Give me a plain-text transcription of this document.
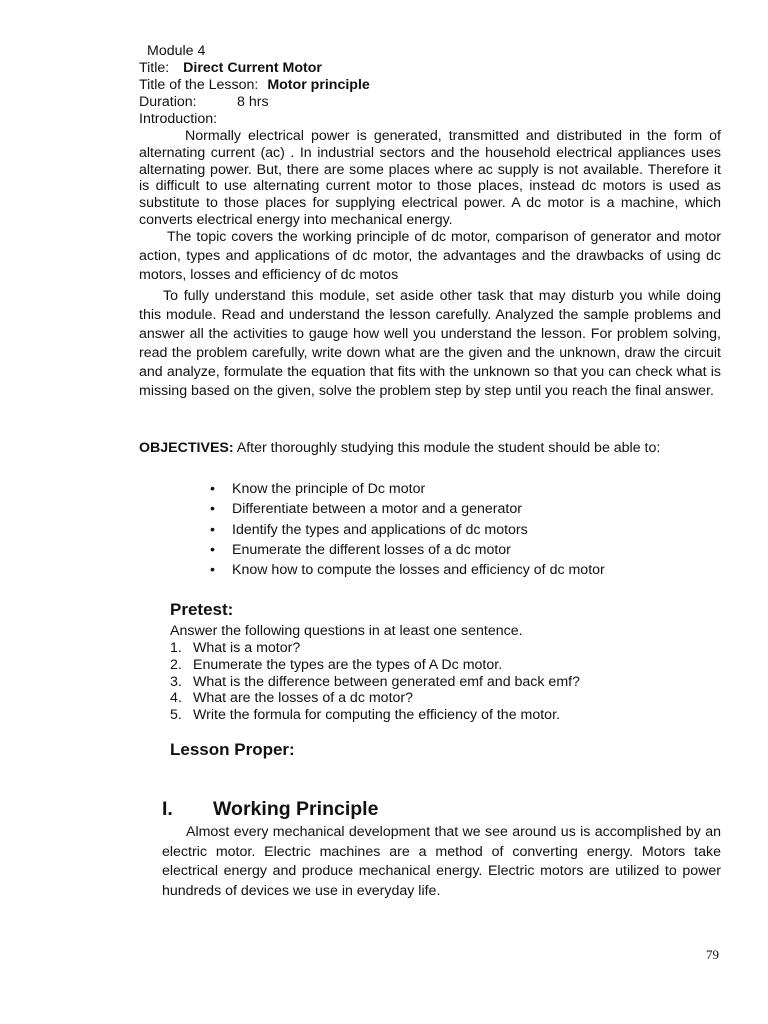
Module 4
Title: Direct Current Motor
Title of the Lesson: Motor principle
Duration:	8 hrs
Introduction:
Normally electrical power is generated, transmitted and distributed in the form of alternating current (ac) . In industrial sectors and the household electrical appliances uses alternating power. But, there are some places where ac supply is not available. Therefore it is difficult to use alternating current motor to those places, instead dc motors is used as substitute to those places for supplying electrical power. A dc motor is a machine, which converts electrical energy into mechanical energy.
The topic covers the working principle of dc motor, comparison of generator and motor action, types and applications of dc motor, the advantages and the drawbacks of using dc motors, losses and efficiency of dc motos
To fully understand this module, set aside other task that may disturb you while doing this module. Read and understand the lesson carefully. Analyzed the sample problems and answer all the activities to gauge how well you understand the lesson. For problem solving, read the problem carefully, write down what are the given and the unknown, draw the circuit and analyze, formulate the equation that fits with the unknown so that you can check what is missing based on the given, solve the problem step by step until you reach the final answer.
OBJECTIVES: After thoroughly studying this module the student should be able to:
• Know the principle of Dc motor
• Differentiate between a motor and a generator
• Identify the types and applications of dc motors
• Enumerate the different losses of a dc motor
• Know how to compute the losses and efficiency of dc motor
Pretest:
Answer the following questions in at least one sentence.
1. What is a motor?
2. Enumerate the types are the types of A Dc motor.
3. What is the difference between generated emf and back emf?
4. What are the losses of a dc motor?
5. Write the formula for computing the efficiency of the motor.
Lesson Proper:
I. Working Principle
Almost every mechanical development that we see around us is accomplished by an electric motor. Electric machines are a method of converting energy. Motors take electrical energy and produce mechanical energy. Electric motors are utilized to power hundreds of devices we use in everyday life.
79
